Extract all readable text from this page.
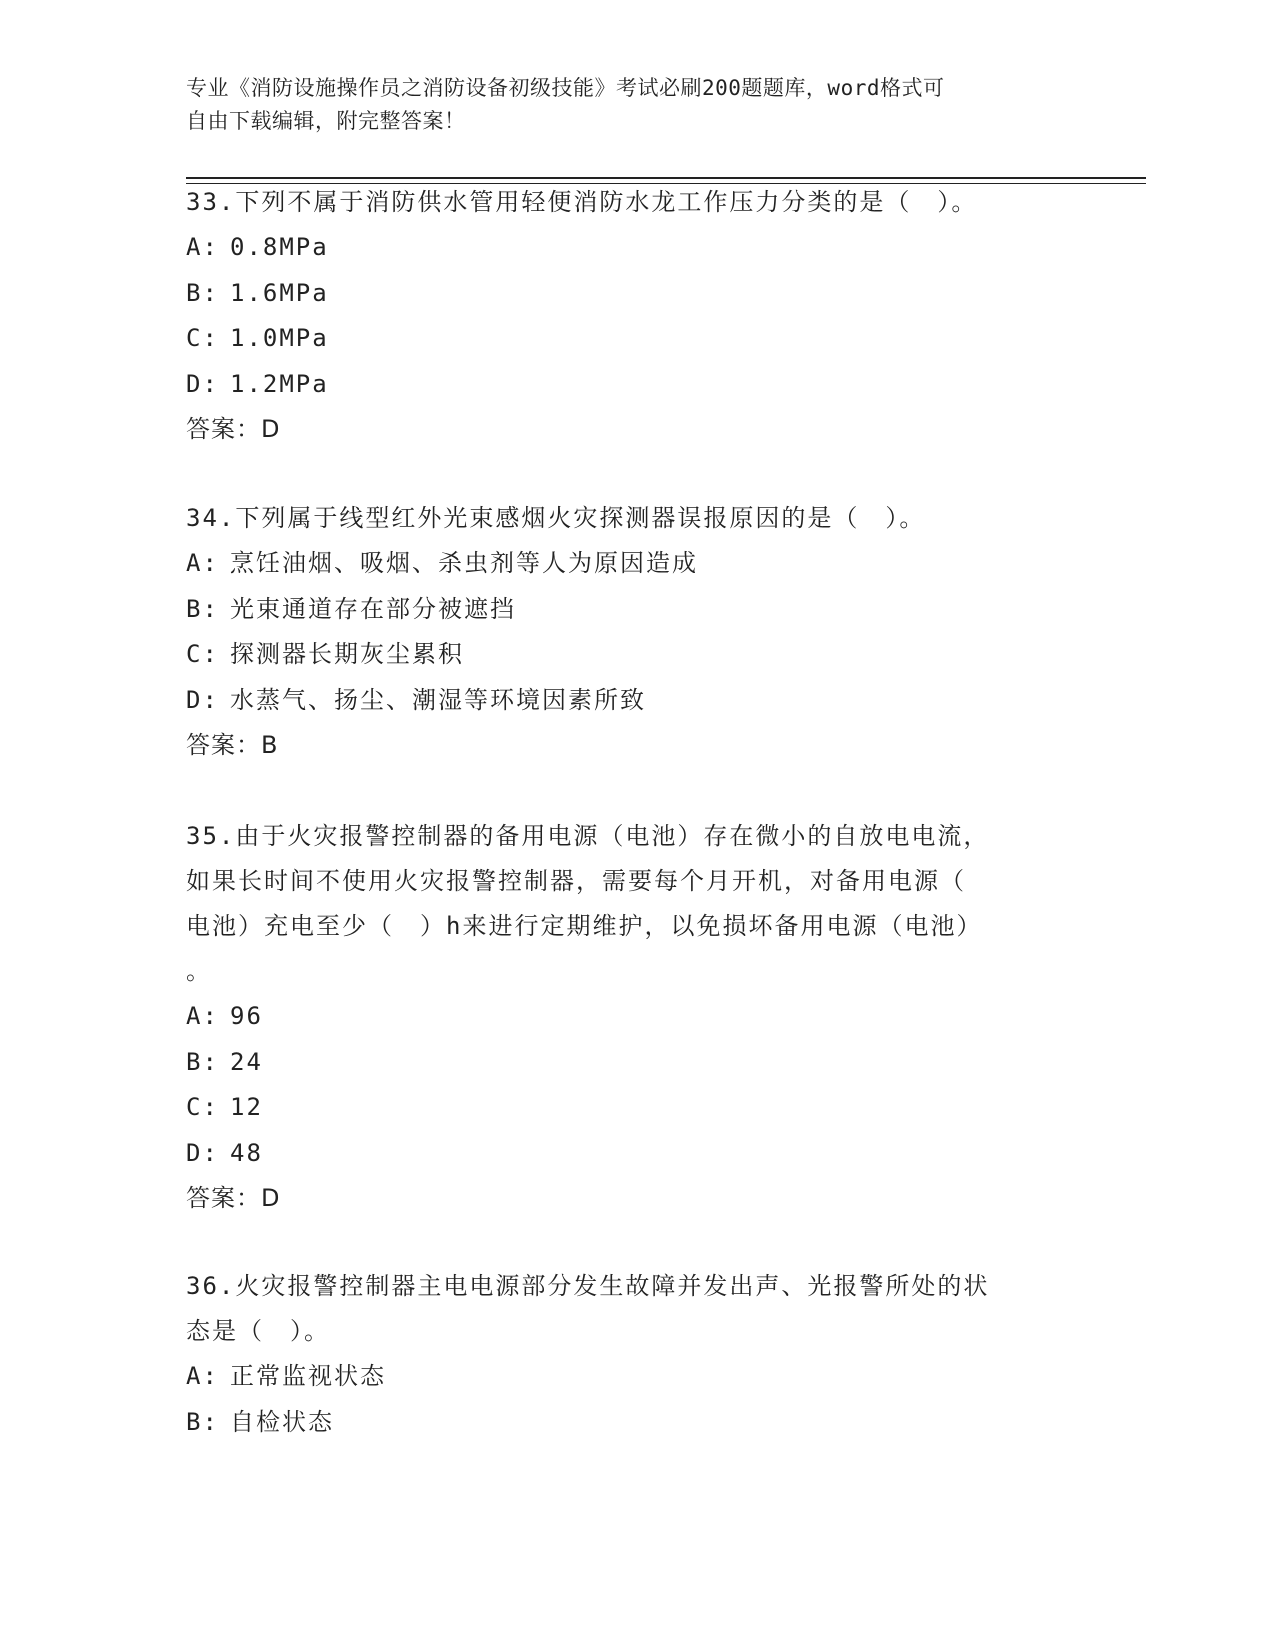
专业《消防设施操作员之消防设备初级技能》考试必刷200题题库，word格式可
自由下载编辑，附完整答案！
33.下列不属于消防供水管用轻便消防水龙工作压力分类的是（　）。
A: 0.8MPa
B: 1.6MPa
C: 1.0MPa
D: 1.2MPa
答案：D
34.下列属于线型红外光束感烟火灾探测器误报原因的是（　）。
A: 烹饪油烟、吸烟、杀虫剂等人为原因造成
B: 光束通道存在部分被遮挡
C: 探测器长期灰尘累积
D: 水蒸气、扬尘、潮湿等环境因素所致
答案：B
35.由于火灾报警控制器的备用电源（电池）存在微小的自放电电流，
如果长时间不使用火灾报警控制器，需要每个月开机，对备用电源（
电池）充电至少（　）h来进行定期维护，以免损坏备用电源（电池）
。
A: 96
B: 24
C: 12
D: 48
答案：D
36.火灾报警控制器主电电源部分发生故障并发出声、光报警所处的状
态是（　）。
A: 正常监视状态
B: 自检状态
